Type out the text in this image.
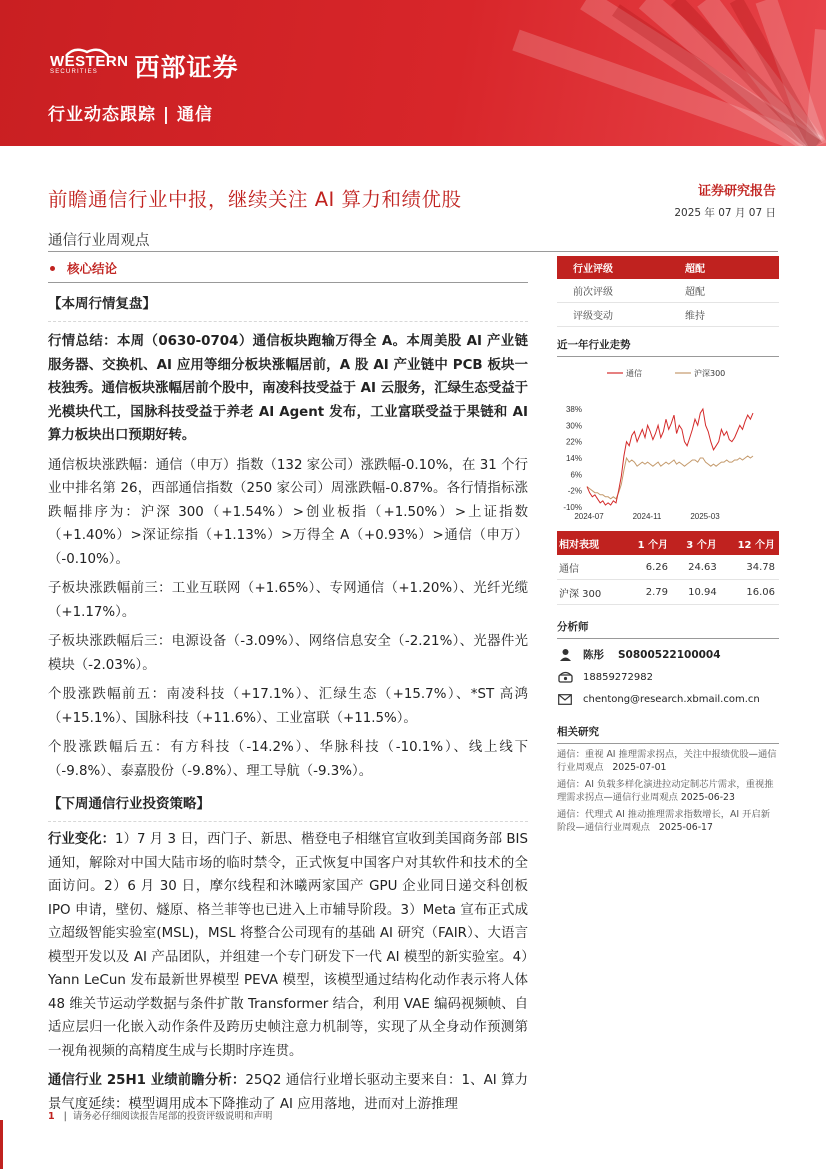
WESTERN
SECURITIES	西部证券
行业动态跟踪 | 通信
前瞻通信行业中报，继续关注 AI 算力和绩优股	证券研究报告
2025 年 07 月 07 日
通信行业周观点
核心结论
【本周行情复盘】

行情总结：本周（0630-0704）通信板块跑输万得全 A。本周美股 AI 产业链服务器、交换机、AI 应用等细分板块涨幅居前，A 股 AI 产业链中 PCB 板块一枝独秀。通信板块涨幅居前个股中，南凌科技受益于 AI 云服务，汇绿生态受益于光模块代工，国脉科技受益于养老 AI Agent 发布，工业富联受益于果链和 AI 算力板块出口预期好转。

通信板块涨跌幅：通信（申万）指数（132 家公司）涨跌幅-0.10%，在 31 个行业中排名第 26，西部通信指数（250 家公司）周涨跌幅-0.87%。各行情指标涨跌幅排序为：沪深 300（+1.54%）>创业板指（+1.50%）>上证指数（+1.40%）>深证综指（+1.13%）>万得全 A（+0.93%）>通信（申万）（-0.10%）。

子板块涨跌幅前三：工业互联网（+1.65%）、专网通信（+1.20%）、光纤光缆（+1.17%）。

子板块涨跌幅后三：电源设备（-3.09%）、网络信息安全（-2.21%）、光器件光模块（-2.03%）。

个股涨跌幅前五：南凌科技（+17.1%）、汇绿生态（+15.7%）、*ST 高鸿（+15.1%）、国脉科技（+11.6%）、工业富联（+11.5%）。

个股涨跌幅后五：有方科技（-14.2%）、华脉科技（-10.1%）、线上线下（-9.8%）、泰嘉股份（-9.8%）、理工导航（-9.3%）。

【下周通信行业投资策略】

行业变化：1）7 月 3 日，西门子、新思、楷登电子相继官宣收到美国商务部 BIS 通知，解除对中国大陆市场的临时禁令，正式恢复中国客户对其软件和技术的全面访问。2）6 月 30 日，摩尔线程和沐曦两家国产 GPU 企业同日递交科创板 IPO 申请，壁仞、燧原、格兰菲等也已进入上市辅导阶段。3）Meta 宣布正式成立超级智能实验室(MSL)，MSL 将整合公司现有的基础 AI 研究（FAIR）、大语言模型开发以及 AI 产品团队，并组建一个专门研发下一代 AI 模型的新实验室。4）Yann LeCun 发布最新世界模型 PEVA 模型，该模型通过结构化动作表示将人体 48 维关节运动学数据与条件扩散 Transformer 结合，利用 VAE 编码视频帧、自适应层归一化嵌入动作条件及跨历史帧注意力机制等，实现了从全身动作预测第一视角视频的高精度生成与长期时序连贯。

通信行业 25H1 业绩前瞻分析：25Q2 通信行业增长驱动主要来自：1、AI 算力景气度延续：模型调用成本下降推动了 AI 应用落地，进而对上游推理

行业评级	超配
前次评级	超配
评级变动	维持
近一年行业走势
38%
30%
22%
14%
6%
-2%
-10%
2024-07	2024-11	2025-03
通信	沪深300
相对表现	1 个月	3 个月	12 个月
通信	6.26	24.63	34.78
沪深 300	2.79	10.94	16.06
分析师
陈彤 S0800522100004
18859272982
chentong@research.xbmail.com.cn
相关研究
通信：重视 AI 推理需求拐点，关注中报绩优股—通信行业周观点 2025-07-01
通信：AI 负载多样化演进拉动定制芯片需求，重视推理需求拐点—通信行业周观点 2025-06-23
通信：代理式 AI 推动推理需求指数增长，AI 开启新阶段—通信行业周观点 2025-06-17
1 |  请务必仔细阅读报告尾部的投资评级说明和声明
